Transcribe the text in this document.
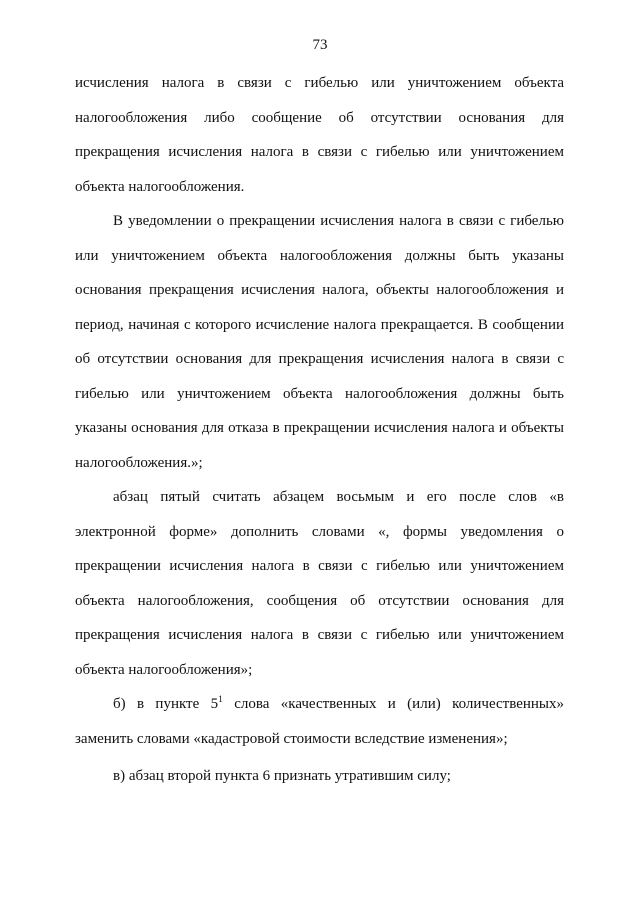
73

исчисления налога в связи с гибелью или уничтожением объекта налогообложения либо сообщение об отсутствии основания для прекращения исчисления налога в связи с гибелью или уничтожением объекта налогообложения.

В уведомлении о прекращении исчисления налога в связи с гибелью или уничтожением объекта налогообложения должны быть указаны основания прекращения исчисления налога, объекты налогообложения и период, начиная с которого исчисление налога прекращается. В сообщении об отсутствии основания для прекращения исчисления налога в связи с гибелью или уничтожением объекта налогообложения должны быть указаны основания для отказа в прекращении исчисления налога и объекты налогообложения.»;

абзац пятый считать абзацем восьмым и его после слов «в электронной форме» дополнить словами «, формы уведомления о прекращении исчисления налога в связи с гибелью или уничтожением объекта налогообложения, сообщения об отсутствии основания для прекращения исчисления налога в связи с гибелью или уничтожением объекта налогообложения»;

б) в пункте $5^1$ слова «качественных и (или) количественных» заменить словами «кадастровой стоимости вследствие изменения»;

в) абзац второй пункта 6 признать утратившим силу;
